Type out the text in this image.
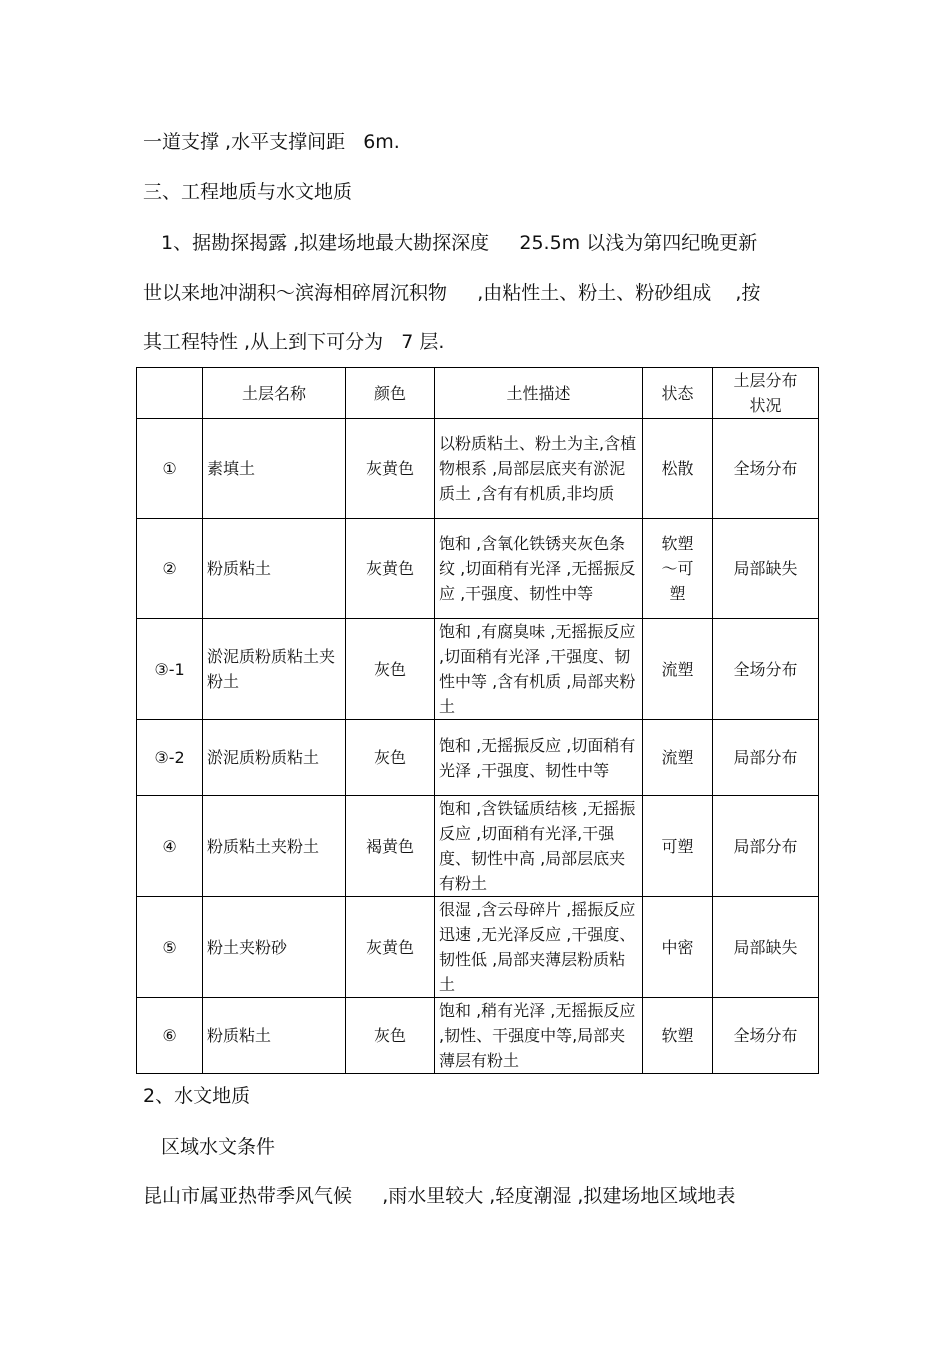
一道支撑 ,水平支撑间距   6m.

三、工程地质与水文地质

1、据勘探揭露 ,拟建场地最大勘探深度     25.5m 以浅为第四纪晚更新

世以来地冲湖积～滨海相碎屑沉积物     ,由粘性土、粉土、粉砂组成    ,按

其工程特性 ,从上到下可分为   7 层.

	土层名称	颜色	土性描述	状态	土层分布状况
①	素填土	灰黄色	以粉质粘土、粉土为主,含植物根系 ,局部层底夹有淤泥质土 ,含有有机质,非均质	松散	全场分布
②	粉质粘土	灰黄色	饱和 ,含氧化铁锈夹灰色条纹 ,切面稍有光泽 ,无摇振反应 ,干强度、韧性中等	软塑～可塑	局部缺失
③-1	淤泥质粉质粘土夹粉土	灰色	饱和 ,有腐臭味 ,无摇振反应 ,切面稍有光泽 ,干强度、韧性中等 ,含有机质 ,局部夹粉土	流塑	全场分布
③-2	淤泥质粉质粘土	灰色	饱和 ,无摇振反应 ,切面稍有光泽 ,干强度、韧性中等	流塑	局部分布
④	粉质粘土夹粉土	褐黄色	饱和 ,含铁锰质结核 ,无摇振反应 ,切面稍有光泽,干强度、韧性中高 ,局部层底夹有粉土	可塑	局部分布
⑤	粉土夹粉砂	灰黄色	很湿 ,含云母碎片 ,摇振反应迅速 ,无光泽反应 ,干强度、韧性低 ,局部夹薄层粉质粘土	中密	局部缺失
⑥	粉质粘土	灰色	饱和 ,稍有光泽 ,无摇振反应 ,韧性、干强度中等,局部夹薄层有粉土	软塑	全场分布

2、水文地质

区域水文条件

昆山市属亚热带季风气候     ,雨水里较大 ,轻度潮湿 ,拟建场地区域地表
